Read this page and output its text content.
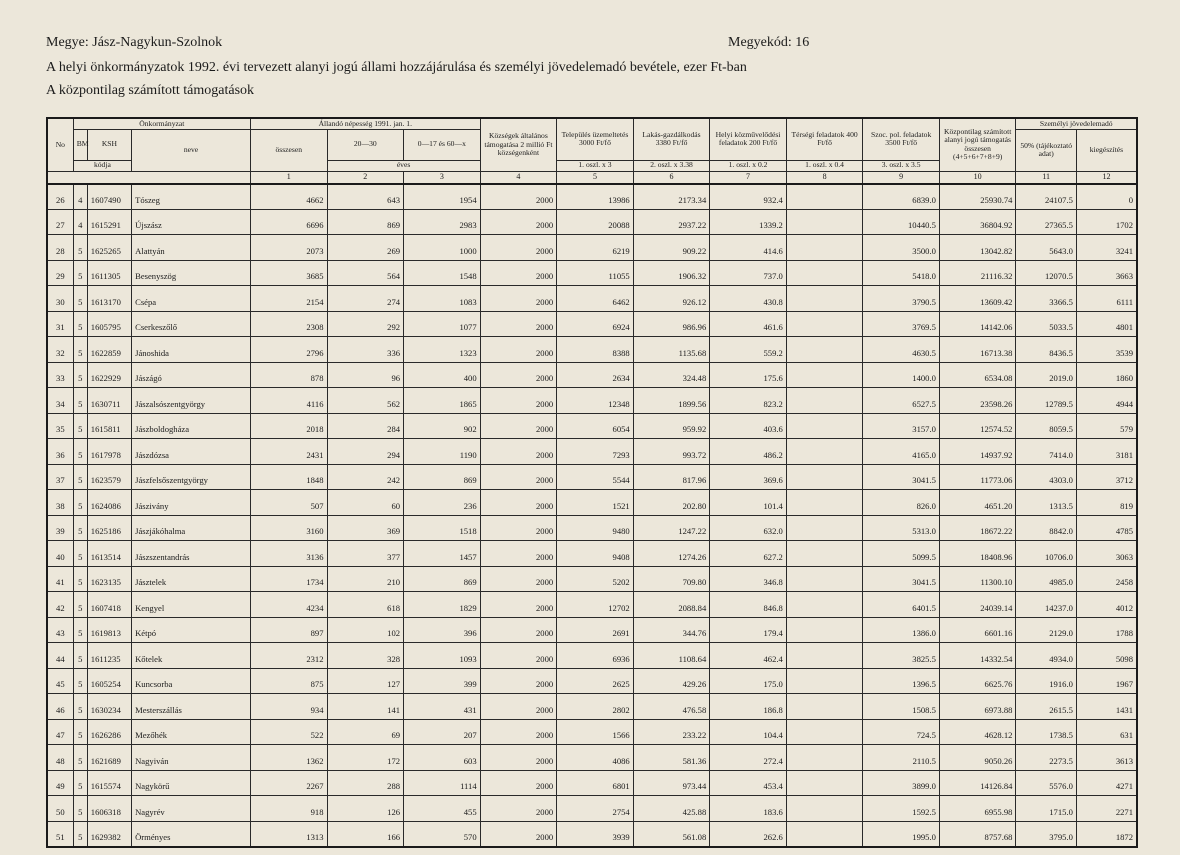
Megye: Jász-Nagykun-Szolnok	Megyekód: 16
A helyi önkormányzatok 1992. évi tervezett alanyi jogú állami hozzájárulása és személyi jövedelemadó bevétele, ezer Ft-ban
A központilag számított támogatások
No	Önkormányzat			Állandó népesség 1991. jan. 1.			Községek általános támogatása 2 millió Ft községenként	Település üzemeltetés 3000 Ft/fő	Lakás-gazdálkodás 3380 Ft/fő	Helyi közművelődési feladatok 200 Ft/fő	Térségi feladatok 400 Ft/fő	Szoc. pol. feladatok 3500 Ft/fő	Központilag számított alanyi jogú támogatás összesen (4+5+6+7+8+9)	Személyi jövedelemadó	
	BM	KSH	neve	összesen	20—30	0—17 és 60—x								50% (tájékoztató adat)	kiegészítés
	kódja				éves			1. oszl. x 3	2. oszl. x 3.38	1. oszl. x 0.2	1. oszl. x 0.4	3. oszl. x 3.5			
				1	2	3	4	5	6	7	8	9	10	11	12
26	4	1607490	Tószeg	4662	643	1954	2000	13986	2173.34	932.4		6839.0	25930.74	24107.5	0
27	4	1615291	Újszász	6696	869	2983	2000	20088	2937.22	1339.2		10440.5	36804.92	27365.5	1702
28	5	1625265	Alattyán	2073	269	1000	2000	6219	909.22	414.6		3500.0	13042.82	5643.0	3241
29	5	1611305	Besenyszög	3685	564	1548	2000	11055	1906.32	737.0		5418.0	21116.32	12070.5	3663
30	5	1613170	Csépa	2154	274	1083	2000	6462	926.12	430.8		3790.5	13609.42	3366.5	6111
31	5	1605795	Cserkeszőlő	2308	292	1077	2000	6924	986.96	461.6		3769.5	14142.06	5033.5	4801
32	5	1622859	Jánoshida	2796	336	1323	2000	8388	1135.68	559.2		4630.5	16713.38	8436.5	3539
33	5	1622929	Jászágó	878	96	400	2000	2634	324.48	175.6		1400.0	6534.08	2019.0	1860
34	5	1630711	Jászalsószentgyörgy	4116	562	1865	2000	12348	1899.56	823.2		6527.5	23598.26	12789.5	4944
35	5	1615811	Jászboldogháza	2018	284	902	2000	6054	959.92	403.6		3157.0	12574.52	8059.5	579
36	5	1617978	Jászdózsa	2431	294	1190	2000	7293	993.72	486.2		4165.0	14937.92	7414.0	3181
37	5	1623579	Jászfelsőszentgyörgy	1848	242	869	2000	5544	817.96	369.6		3041.5	11773.06	4303.0	3712
38	5	1624086	Jászivány	507	60	236	2000	1521	202.80	101.4		826.0	4651.20	1313.5	819
39	5	1625186	Jászjákóhalma	3160	369	1518	2000	9480	1247.22	632.0		5313.0	18672.22	8842.0	4785
40	5	1613514	Jászszentandrás	3136	377	1457	2000	9408	1274.26	627.2		5099.5	18408.96	10706.0	3063
41	5	1623135	Jásztelek	1734	210	869	2000	5202	709.80	346.8		3041.5	11300.10	4985.0	2458
42	5	1607418	Kengyel	4234	618	1829	2000	12702	2088.84	846.8		6401.5	24039.14	14237.0	4012
43	5	1619813	Kétpó	897	102	396	2000	2691	344.76	179.4		1386.0	6601.16	2129.0	1788
44	5	1611235	Kőtelek	2312	328	1093	2000	6936	1108.64	462.4		3825.5	14332.54	4934.0	5098
45	5	1605254	Kuncsorba	875	127	399	2000	2625	429.26	175.0		1396.5	6625.76	1916.0	1967
46	5	1630234	Mesterszállás	934	141	431	2000	2802	476.58	186.8		1508.5	6973.88	2615.5	1431
47	5	1626286	Mezőhék	522	69	207	2000	1566	233.22	104.4		724.5	4628.12	1738.5	631
48	5	1621689	Nagyiván	1362	172	603	2000	4086	581.36	272.4		2110.5	9050.26	2273.5	3613
49	5	1615574	Nagykörű	2267	288	1114	2000	6801	973.44	453.4		3899.0	14126.84	5576.0	4271
50	5	1606318	Nagyrév	918	126	455	2000	2754	425.88	183.6		1592.5	6955.98	1715.0	2271
51	5	1629382	Örményes	1313	166	570	2000	3939	561.08	262.6		1995.0	8757.68	3795.0	1872
